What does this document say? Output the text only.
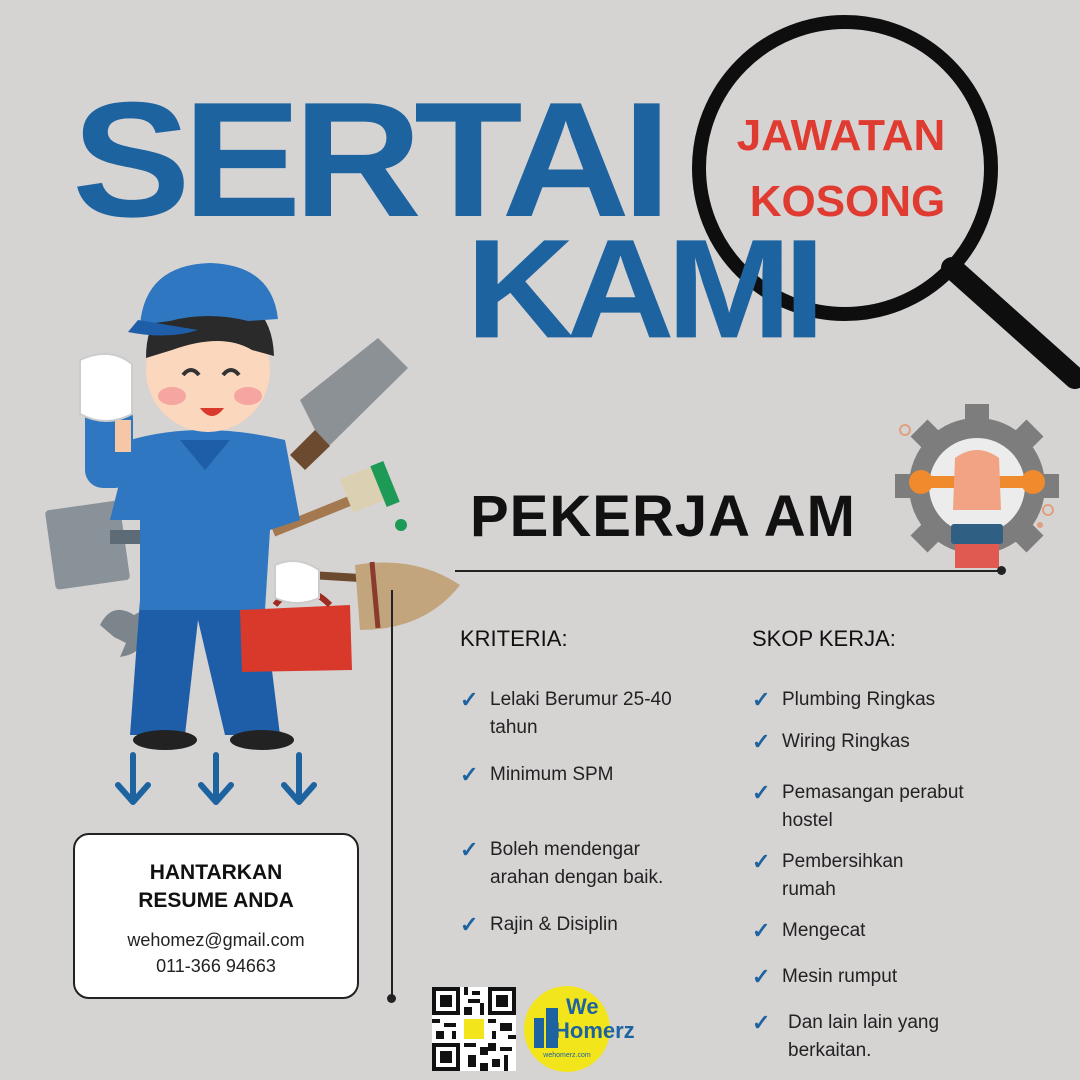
SERTAI
KAMI
JAWATAN
KOSONG
PEKERJA AM
KRITERIA:	SKOP KERJA:
✓ Lelaki Berumur 25-40
tahun
✓ Minimum SPM
✓ Boleh mendengar
arahan dengan baik.
✓ Rajin & Disiplin
✓ Plumbing Ringkas
✓ Wiring Ringkas
✓ Pemasangan perabut
hostel
✓ Pembersihkan
rumah
✓ Mengecat
✓ Mesin rumput
✓ Dan lain lain yang
berkaitan.
HANTARKAN
RESUME ANDA
wehomez@gmail.com
011-366 94663
We
Homerz
wehomerz.com
